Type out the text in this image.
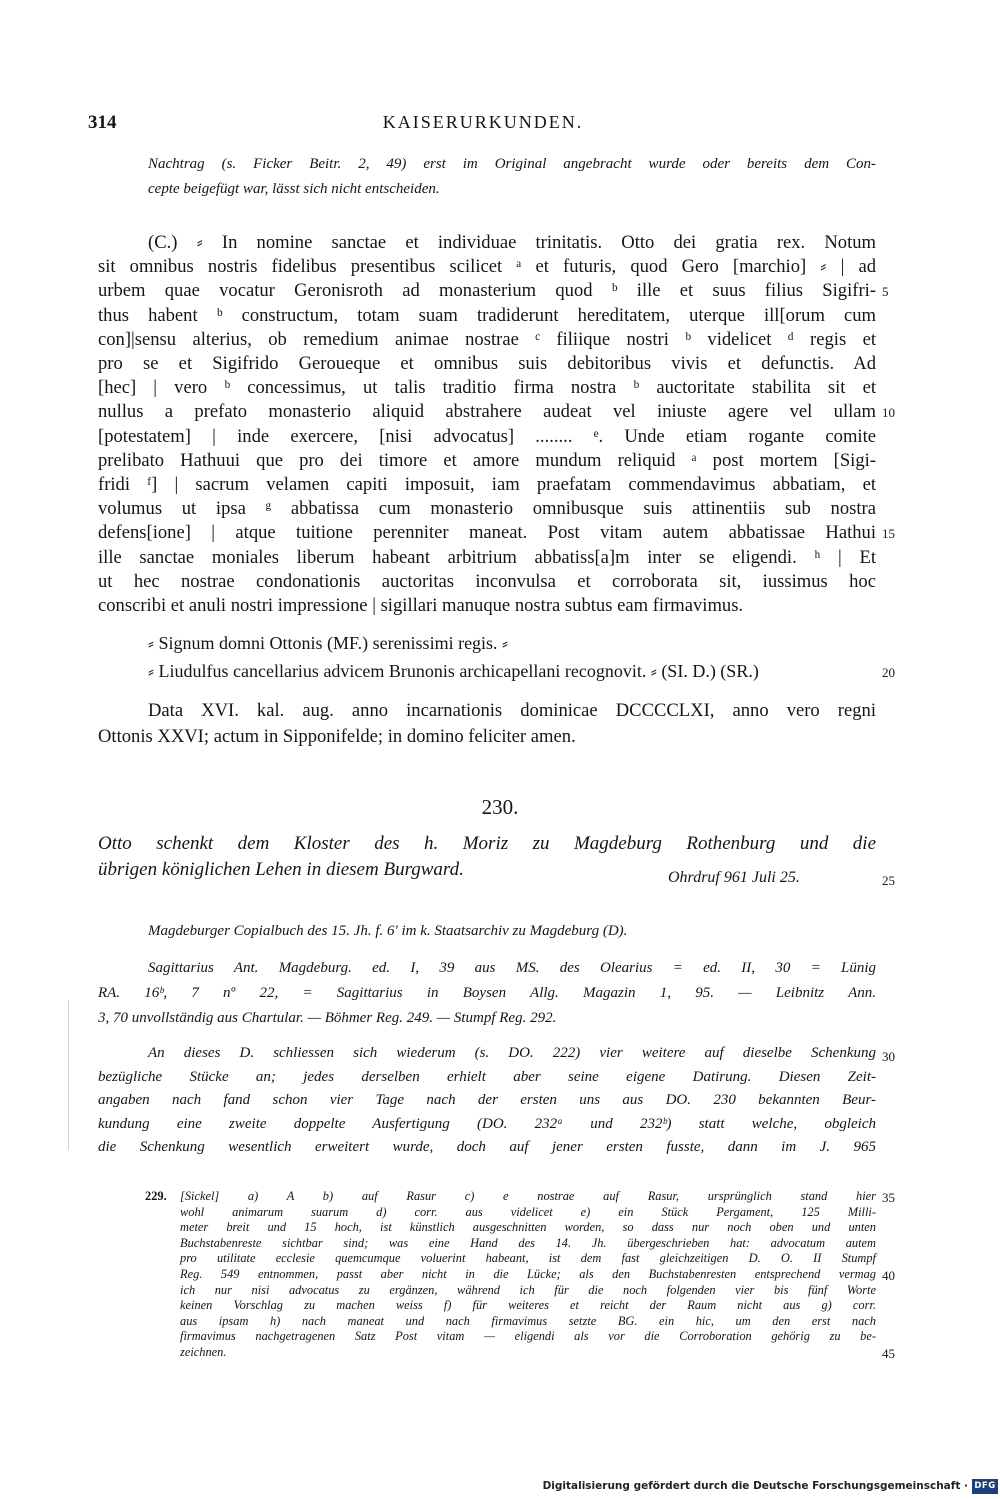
314	KAISERURKUNDEN.
Nachtrag (s. Ficker Beitr. 2, 49) erst im Original angebracht wurde oder bereits dem Con-
cepte beigefügt war, lässt sich nicht entscheiden.
(C.) ⸗ In nomine sanctae et individuae trinitatis. Otto dei gratia rex. Notum
sit omnibus nostris fidelibus presentibus scilicet ᵃ et futuris, quod Gero [marchio] ⸗ | ad
urbem quae vocatur Geronisroth ad monasterium quod ᵇ ille et suus filius Sigifri- 5
thus habent ᵇ constructum, totam suam tradiderunt hereditatem, uterque ill[orum cum
con]|sensu alterius, ob remedium animae nostrae ᶜ filiique nostri ᵇ videlicet ᵈ regis et
pro se et Sigifrido Geroueque et omnibus suis debitoribus vivis et defunctis. Ad
[hec] | vero ᵇ concessimus, ut talis traditio firma nostra ᵇ auctoritate stabilita sit et
nullus a prefato monasterio aliquid abstrahere audeat vel iniuste agere vel ullam 10
[potestatem] | inde exercere, [nisi advocatus] ........ ᵉ. Unde etiam rogante comite
prelibato Hathuui que pro dei timore et amore mundum reliquid ᵃ post mortem [Sigi-
fridi ᶠ] | sacrum velamen capiti imposuit, iam praefatam commendavimus abbatiam, et
volumus ut ipsa ᵍ abbatissa cum monasterio omnibusque suis attinentiis sub nostra
defens[ione] | atque tuitione perenniter maneat. Post vitam autem abbatissae Hathui 15
ille sanctae moniales liberum habeant arbitrium abbatiss[a]m inter se eligendi. ʰ | Et
ut hec nostrae condonationis auctoritas inconvulsa et corroborata sit, iussimus hoc
conscribi et anuli nostri impressione | sigillari manuque nostra subtus eam firmavimus.
⸗ Signum domni Ottonis (MF.) serenissimi regis. ⸗
⸗ Liudulfus cancellarius advicem Brunonis archicapellani recognovit. ⸗ (SI. D.) (SR.)	20
Data XVI. kal. aug. anno incarnationis dominicae DCCCCLXI, anno vero regni
Ottonis XXVI; actum in Sipponifelde; in domino feliciter amen.
230.
Otto schenkt dem Kloster des h. Moriz zu Magdeburg Rothenburg und die
übrigen königlichen Lehen in diesem Burgward.	Ohrdruf 961 Juli 25.	25
Magdeburger Copialbuch des 15. Jh. f. 6' im k. Staatsarchiv zu Magdeburg (D).
Sagittarius Ant. Magdeburg. ed. I, 39 aus MS. des Olearius = ed. II, 30 = Lünig
RA. 16ᵇ, 7 nº 22, = Sagittarius in Boysen Allg. Magazin 1, 95. — Leibnitz Ann.
3, 70 unvollständig aus Chartular. — Böhmer Reg. 249. — Stumpf Reg. 292.
An dieses D. schliessen sich wiederum (s. DO. 222) vier weitere auf dieselbe Schenkung 30
bezügliche Stücke an; jedes derselben erhielt aber seine eigene Datirung. Diesen Zeit-
angaben nach fand schon vier Tage nach der ersten uns aus DO. 230 bekannten Beur-
kundung eine zweite doppelte Ausfertigung (DO. 232ᵃ und 232ᵇ) statt welche, obgleich
die Schenkung wesentlich erweitert wurde, doch auf jener ersten fusste, dann im J. 965
229.	[Sickel] a) A b) auf Rasur c) e nostrae auf Rasur, ursprünglich stand hier 35
wohl animarum suarum d) corr. aus videlicet e) ein Stück Pergament, 125 Milli-
meter breit und 15 hoch, ist künstlich ausgeschnitten worden, so dass nur noch oben und unten
Buchstabenreste sichtbar sind; was eine Hand des 14. Jh. übergeschrieben hat: advocatum autem
pro utilitate ecclesie quemcumque voluerint habeant, ist dem fast gleichzeitigen D. O. II Stumpf
Reg. 549 entnommen, passt aber nicht in die Lücke; als den Buchstabenresten entsprechend vermag 40
ich nur nisi advocatus zu ergänzen, während ich für die noch folgenden vier bis fünf Worte
keinen Vorschlag zu machen weiss f) für weiteres et reicht der Raum nicht aus g) corr.
aus ipsam h) nach maneat und nach firmavimus setzte BG. ein hic, um den erst nach
firmavimus nachgetragenen Satz Post vitam — eligendi als vor die Corroboration gehörig zu be-
zeichnen.	45
Digitalisierung gefördert durch die Deutsche Forschungsgemeinschaft · DFG
